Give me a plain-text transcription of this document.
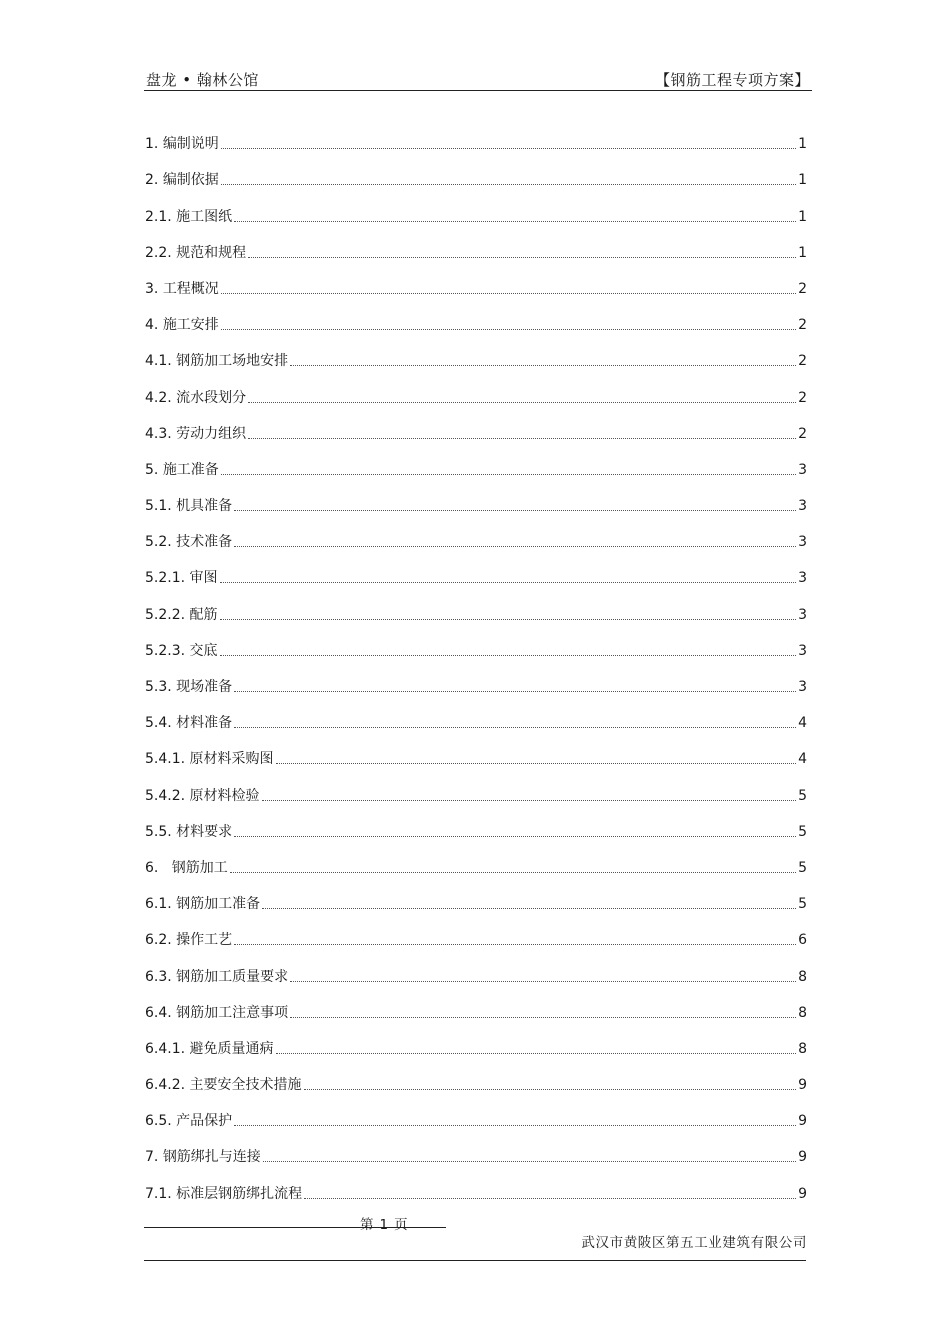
盘龙 • 翰林公馆	【钢筋工程专项方案】
1. 编制说明	1
2. 编制依据	1
2.1. 施工图纸	1
2.2. 规范和规程	1
3. 工程概况	2
4. 施工安排	2
4.1. 钢筋加工场地安排	2
4.2. 流水段划分	2
4.3. 劳动力组织	2
5. 施工准备	3
5.1. 机具准备	3
5.2. 技术准备	3
5.2.1. 审图	3
5.2.2. 配筋	3
5.2.3. 交底	3
5.3. 现场准备	3
5.4. 材料准备	4
5.4.1. 原材料采购图	4
5.4.2. 原材料检验	5
5.5. 材料要求	5
6. 钢筋加工	5
6.1. 钢筋加工准备	5
6.2. 操作工艺	6
6.3. 钢筋加工质量要求	8
6.4. 钢筋加工注意事项	8
6.4.1. 避免质量通病	8
6.4.2. 主要安全技术措施	9
6.5. 产品保护	9
7. 钢筋绑扎与连接	9
7.1. 标准层钢筋绑扎流程	9
第 1 页
武汉市黄陂区第五工业建筑有限公司
